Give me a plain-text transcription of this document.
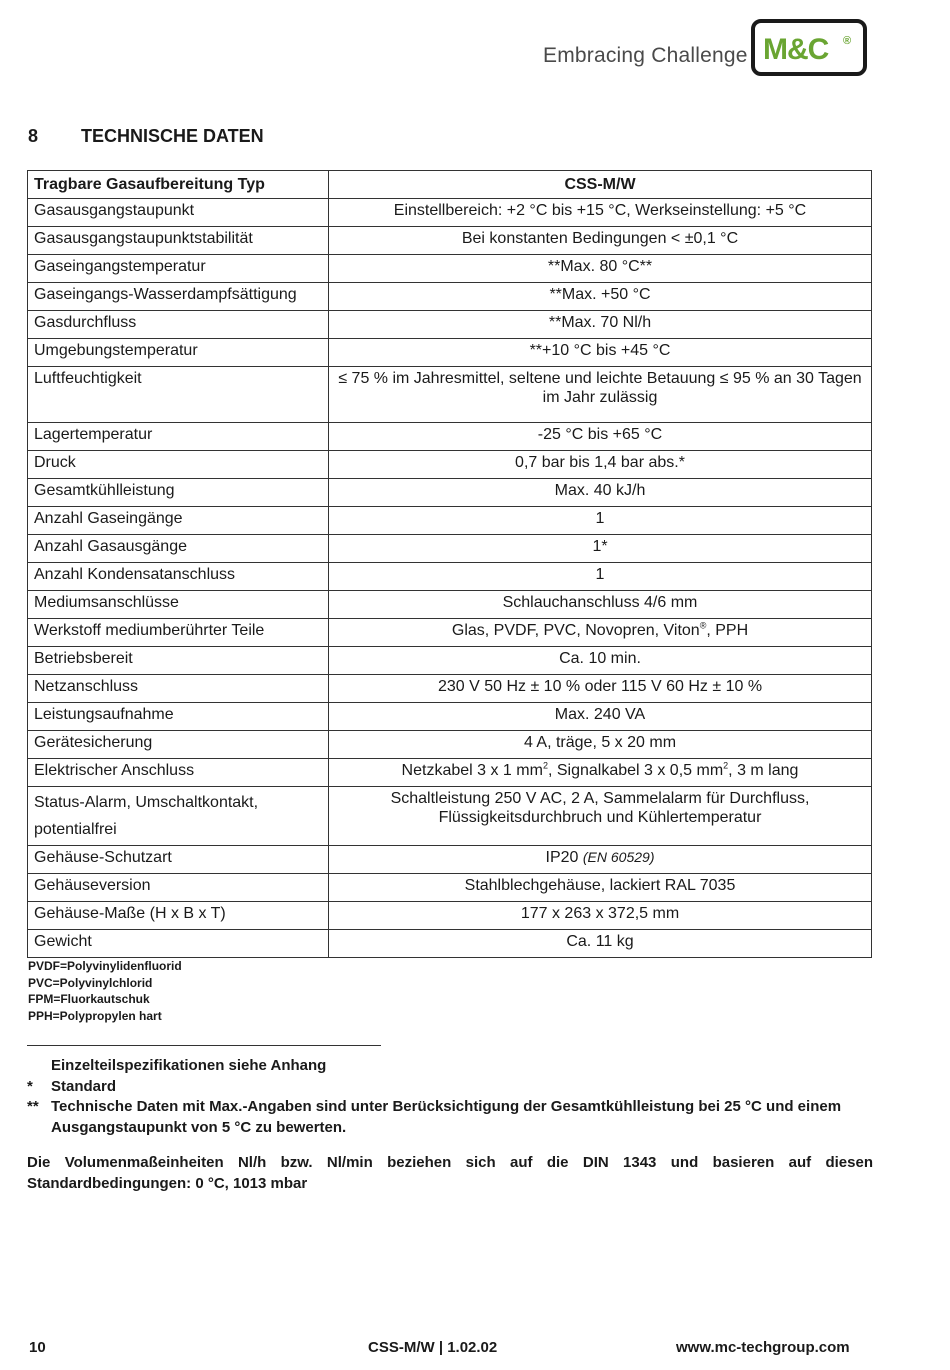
Embracing Challenge M&C ®
8 TECHNISCHE DATEN
Tragbare Gasaufbereitung Typ	CSS-M/W
Gasausgangstaupunkt	Einstellbereich: +2 °C bis +15 °C, Werkseinstellung: +5 °C
Gasausgangstaupunktstabilität	Bei konstanten Bedingungen < ±0,1 °C
Gaseingangstemperatur	**Max. 80 °C**
Gaseingangs-Wasserdampfsättigung	**Max. +50 °C
Gasdurchfluss	**Max. 70 Nl/h
Umgebungstemperatur	**+10 °C bis +45 °C
Luftfeuchtigkeit	≤ 75 % im Jahresmittel, seltene und leichte Betauung ≤ 95 % an 30 Tagen im Jahr zulässig
Lagertemperatur	-25 °C bis +65 °C
Druck	0,7 bar bis 1,4 bar abs.*
Gesamtkühlleistung	Max. 40 kJ/h
Anzahl Gaseingänge	1
Anzahl Gasausgänge	1*
Anzahl Kondensatanschluss	1
Mediumsanschlüsse	Schlauchanschluss 4/6 mm
Werkstoff mediumberührter Teile	Glas, PVDF, PVC, Novopren, Viton®, PPH
Betriebsbereit	Ca. 10 min.
Netzanschluss	230 V 50 Hz ± 10 % oder 115 V 60 Hz ± 10 %
Leistungsaufnahme	Max. 240 VA
Gerätesicherung	4 A, träge, 5 x 20 mm
Elektrischer Anschluss	Netzkabel 3 x 1 $mm^2$, Signalkabel 3 x 0,5 $mm^2$, 3 m lang
Status-Alarm, Umschaltkontakt, potentialfrei	Schaltleistung 250 V AC, 2 A, Sammelalarm für Durchfluss, Flüssigkeitsdurchbruch und Kühlertemperatur
Gehäuse-Schutzart	IP20 (EN 60529)
Gehäuseversion	Stahlblechgehäuse, lackiert RAL 7035
Gehäuse-Maße (H x B x T)	177 x 263 x 372,5 mm
Gewicht	Ca. 11 kg
PVDF=Polyvinylidenfluorid
PVC=Polyvinylchlorid
FPM=Fluorkautschuk
PPH=Polypropylen hart
Einzelteilspezifikationen siehe Anhang
*	Standard
** Technische Daten mit Max.-Angaben sind unter Berücksichtigung der Gesamtkühlleistung bei 25 °C und einem Ausgangstaupunkt von 5 °C zu bewerten.
Die Volumenmaßeinheiten Nl/h bzw. Nl/min beziehen sich auf die DIN 1343 und basieren auf diesen Standardbedingungen: 0 °C, 1013 mbar
10	CSS-M/W | 1.02.02	www.mc-techgroup.com
